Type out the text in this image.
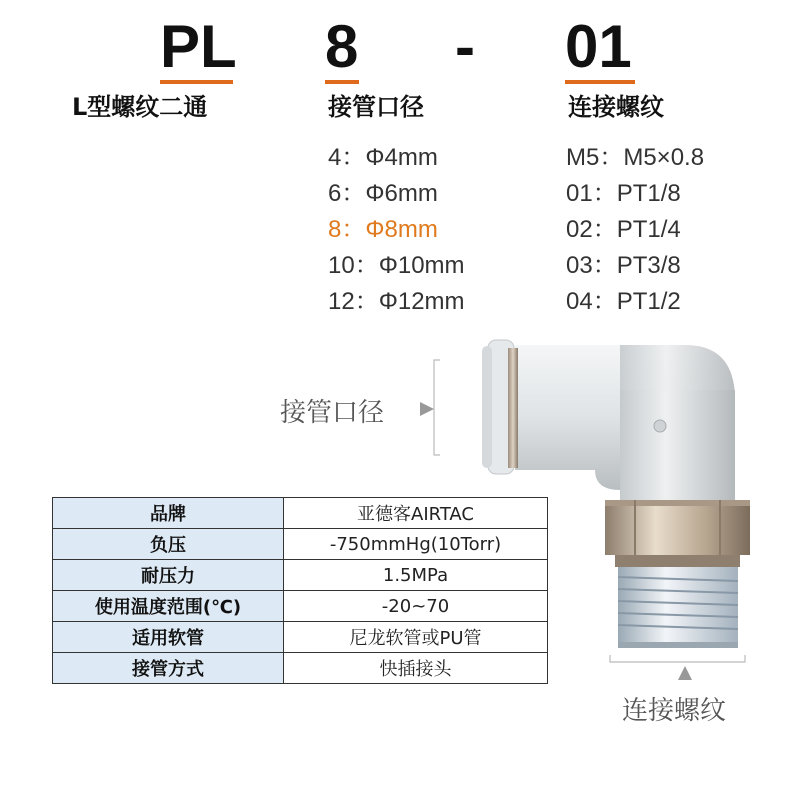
PL 8 - 01
L型螺纹二通	接管口径	连接螺纹
4：Φ4mm
6：Φ6mm
8：Φ8mm
10：Φ10mm
12：Φ12mm
M5：M5×0.8
01：PT1/8
02：PT1/4
03：PT3/8
04：PT1/2
接管口径
连接螺纹
品牌	亚德客AIRTAC
负压	-750mmHg(10Torr)
耐压力	1.5MPa
使用温度范围(℃)	-20~70
适用软管	尼龙软管或PU管
接管方式	快插接头
